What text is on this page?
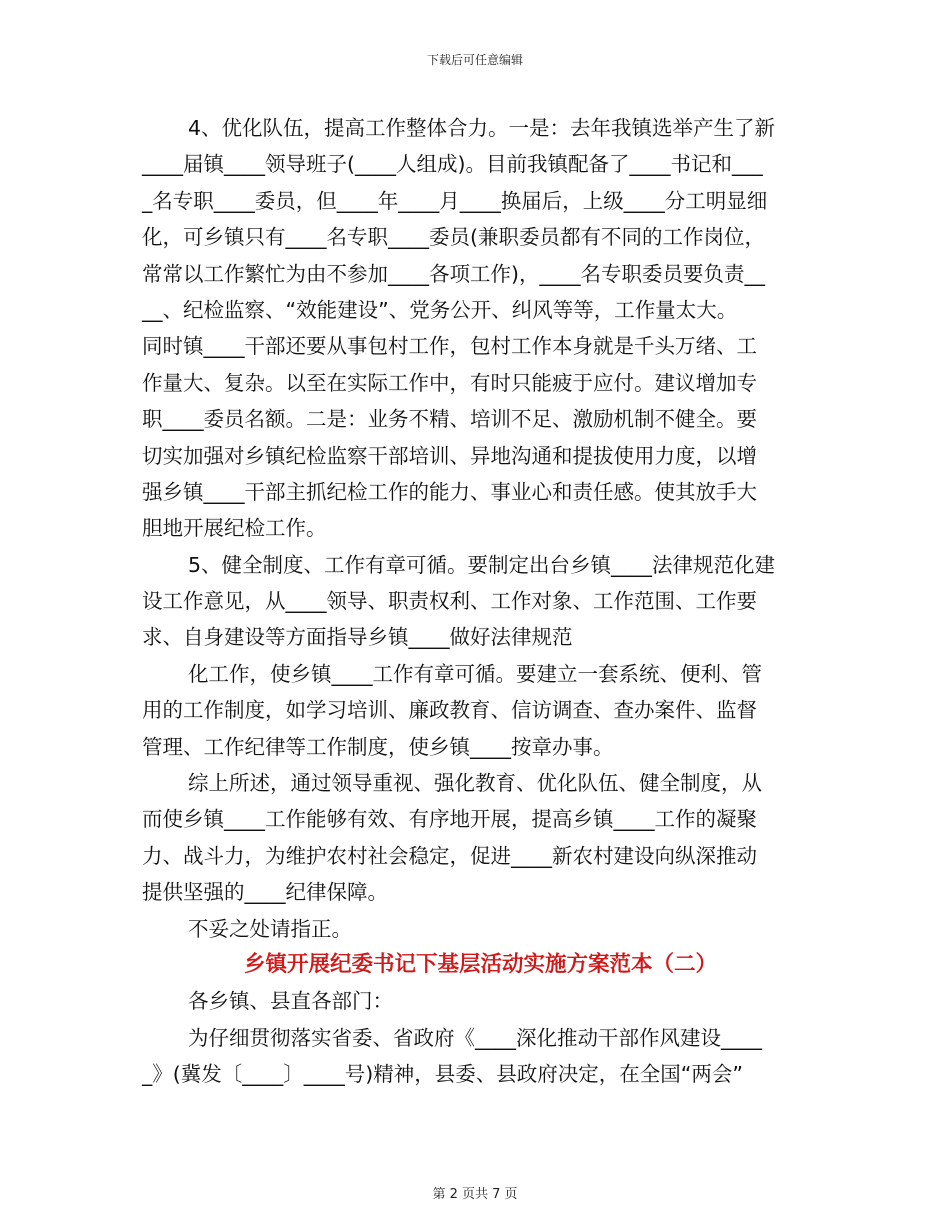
下载后可任意编辑
4、优化队伍，提高工作整体合力。一是：去年我镇选举产生了新
____届镇____领导班子(____人组成)。目前我镇配备了____书记和___
_名专职____委员，但____年____月____换届后，上级____分工明显细
化，可乡镇只有____名专职____委员(兼职委员都有不同的工作岗位，
常常以工作繁忙为由不参加____各项工作)，____名专职委员要负责__
__、纪检监察、“效能建设”、党务公开、纠风等等，工作量太大。
同时镇____干部还要从事包村工作，包村工作本身就是千头万绪、工
作量大、复杂。以至在实际工作中，有时只能疲于应付。建议增加专
职____委员名额。二是：业务不精、培训不足、激励机制不健全。要
切实加强对乡镇纪检监察干部培训、异地沟通和提拔使用力度，以增
强乡镇____干部主抓纪检工作的能力、事业心和责任感。使其放手大
胆地开展纪检工作。
5、健全制度、工作有章可循。要制定出台乡镇____法律规范化建
设工作意见，从____领导、职责权利、工作对象、工作范围、工作要
求、自身建设等方面指导乡镇____做好法律规范
化工作，使乡镇____工作有章可循。要建立一套系统、便利、管
用的工作制度，如学习培训、廉政教育、信访调查、查办案件、监督
管理、工作纪律等工作制度，使乡镇____按章办事。
综上所述，通过领导重视、强化教育、优化队伍、健全制度，从
而使乡镇____工作能够有效、有序地开展，提高乡镇____工作的凝聚
力、战斗力，为维护农村社会稳定，促进____新农村建设向纵深推动
提供坚强的____纪律保障。
不妥之处请指正。
乡镇开展纪委书记下基层活动实施方案范本（二）
各乡镇、县直各部门：
为仔细贯彻落实省委、省政府《____深化推动干部作风建设____
_》(冀发〔____〕____号)精神，县委、县政府决定，在全国“两会”
第 2 页共 7 页
